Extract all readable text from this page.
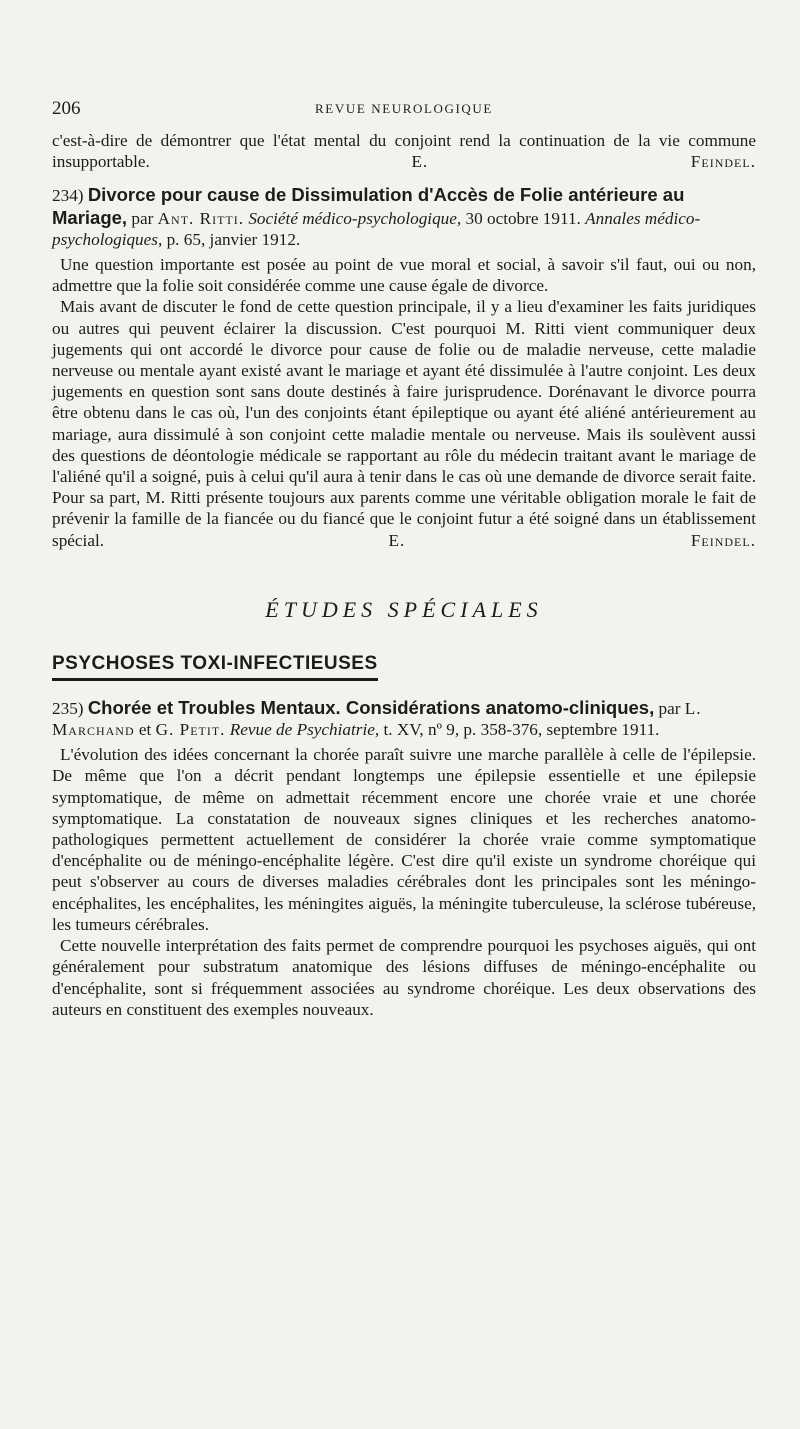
206	REVUE NEUROLOGIQUE

c'est-à-dire de démontrer que l'état mental du conjoint rend la continuation de la vie commune insupportable.	E. Feindel.

234) Divorce pour cause de Dissimulation d'Accès de Folie antérieure au Mariage, par Ant. Ritti. Société médico-psychologique, 30 octobre 1911. Annales médico-psychologiques, p. 65, janvier 1912.

Une question importante est posée au point de vue moral et social, à savoir s'il faut, oui ou non, admettre que la folie soit considérée comme une cause égale de divorce.

Mais avant de discuter le fond de cette question principale, il y a lieu d'examiner les faits juridiques ou autres qui peuvent éclairer la discussion. C'est pourquoi M. Ritti vient communiquer deux jugements qui ont accordé le divorce pour cause de folie ou de maladie nerveuse, cette maladie nerveuse ou mentale ayant existé avant le mariage et ayant été dissimulée à l'autre conjoint. Les deux jugements en question sont sans doute destinés à faire jurisprudence. Dorénavant le divorce pourra être obtenu dans le cas où, l'un des conjoints étant épileptique ou ayant été aliéné antérieurement au mariage, aura dissimulé à son conjoint cette maladie mentale ou nerveuse. Mais ils soulèvent aussi des questions de déontologie médicale se rapportant au rôle du médecin traitant avant le mariage de l'aliéné qu'il a soigné, puis à celui qu'il aura à tenir dans le cas où une demande de divorce serait faite. Pour sa part, M. Ritti présente toujours aux parents comme une véritable obligation morale le fait de prévenir la famille de la fiancée ou du fiancé que le conjoint futur a été soigné dans un établissement spécial.	E. Feindel.

ÉTUDES SPÉCIALES
PSYCHOSES TOXI-INFECTIEUSES

235) Chorée et Troubles Mentaux. Considérations anatomo-cliniques, par L. Marchand et G. Petit. Revue de Psychiatrie, t. XV, nº 9, p. 358-376, septembre 1911.

L'évolution des idées concernant la chorée paraît suivre une marche parallèle à celle de l'épilepsie. De même que l'on a décrit pendant longtemps une épilepsie essentielle et une épilepsie symptomatique, de même on admettait récemment encore une chorée vraie et une chorée symptomatique. La constatation de nouveaux signes cliniques et les recherches anatomo-pathologiques permettent actuellement de considérer la chorée vraie comme symptomatique d'encéphalite ou de méningo-encéphalite légère. C'est dire qu'il existe un syndrome choréique qui peut s'observer au cours de diverses maladies cérébrales dont les principales sont les méningo-encéphalites, les encéphalites, les méningites aiguës, la méningite tuberculeuse, la sclérose tubéreuse, les tumeurs cérébrales.

Cette nouvelle interprétation des faits permet de comprendre pourquoi les psychoses aiguës, qui ont généralement pour substratum anatomique des lésions diffuses de méningo-encéphalite ou d'encéphalite, sont si fréquemment associées au syndrome choréique. Les deux observations des auteurs en constituent des exemples nouveaux.
